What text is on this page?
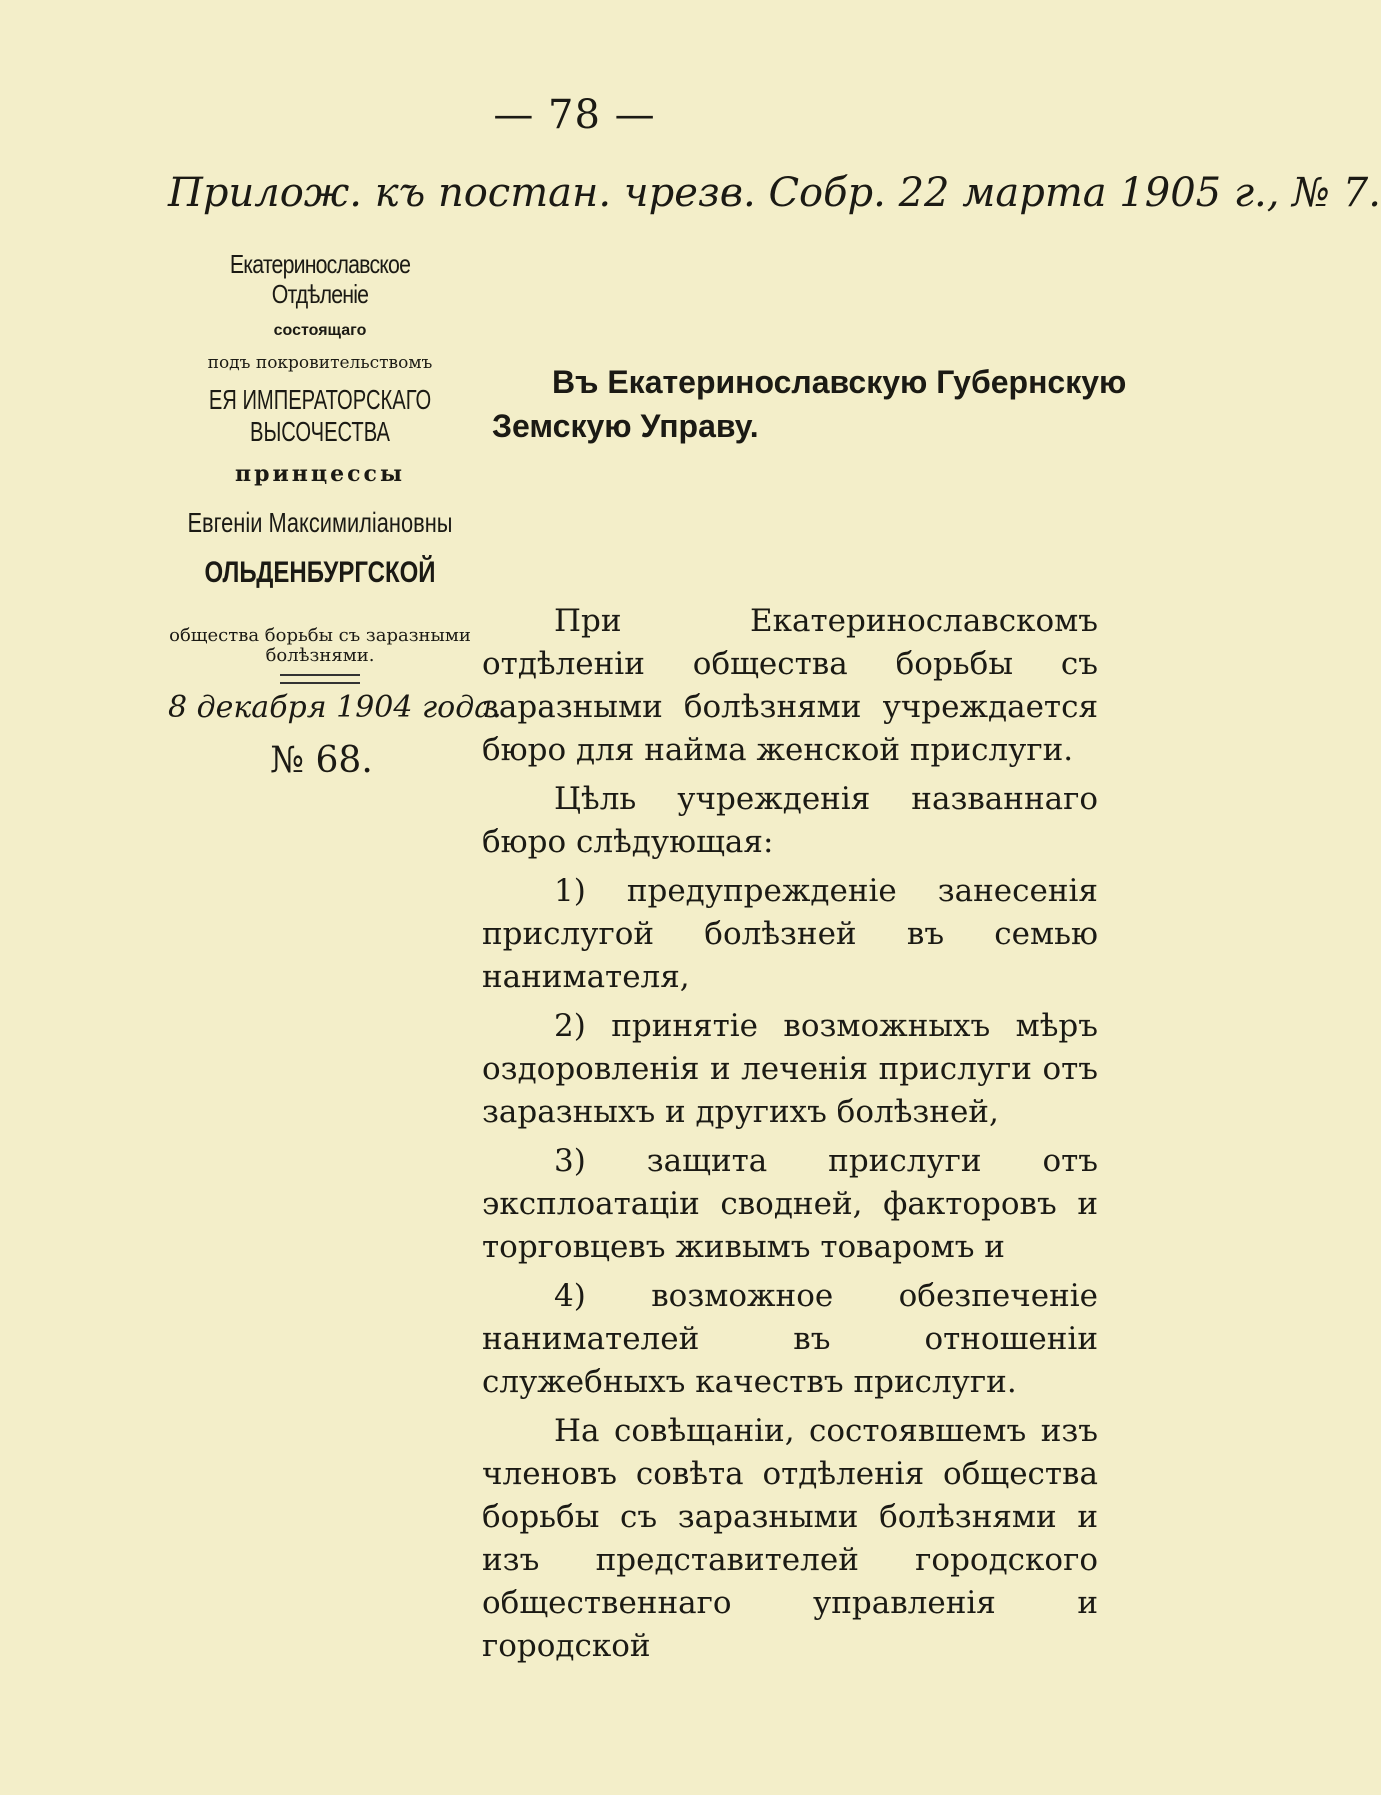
— 78 —
Прилож. къ постан. чрезв. Собр. 22 марта 1905 г., № 7.

Екатеринославское Отдѣленіе

состоящаго

подъ покровительствомъ

ЕЯ ИМПЕРАТОРСКАГО ВЫСОЧЕСТВА

принцессы

Евгеніи Максимиліановны

ОЛЬДЕНБУРГСКОЙ

общества борьбы съ заразными болѣзнями.

8 декабря 1904 года.
№ 68.
Въ Екатеринославскую Губернскую
Земскую Управу.

При Екатеринославскомъ отдѣленіи общества борьбы съ заразными болѣзнями учреждается бюро для найма женской прислуги.

Цѣль учрежденія названнаго бюро слѣдующая:

1) предупрежденіе занесенія прислугой болѣзней въ семью нанимателя,

2) принятіе возможныхъ мѣръ оздоровленія и леченія прислуги отъ заразныхъ и другихъ болѣзней,

3) защита прислуги отъ эксплоатаціи сводней, факторовъ и торговцевъ живымъ товаромъ и

4) возможное обезпеченіе нанимателей въ отношеніи служебныхъ качествъ прислуги.

На совѣщаніи, состоявшемъ изъ членовъ совѣта отдѣленія общества борьбы съ заразными болѣзнями и изъ представителей городского общественнаго управленія и городской
